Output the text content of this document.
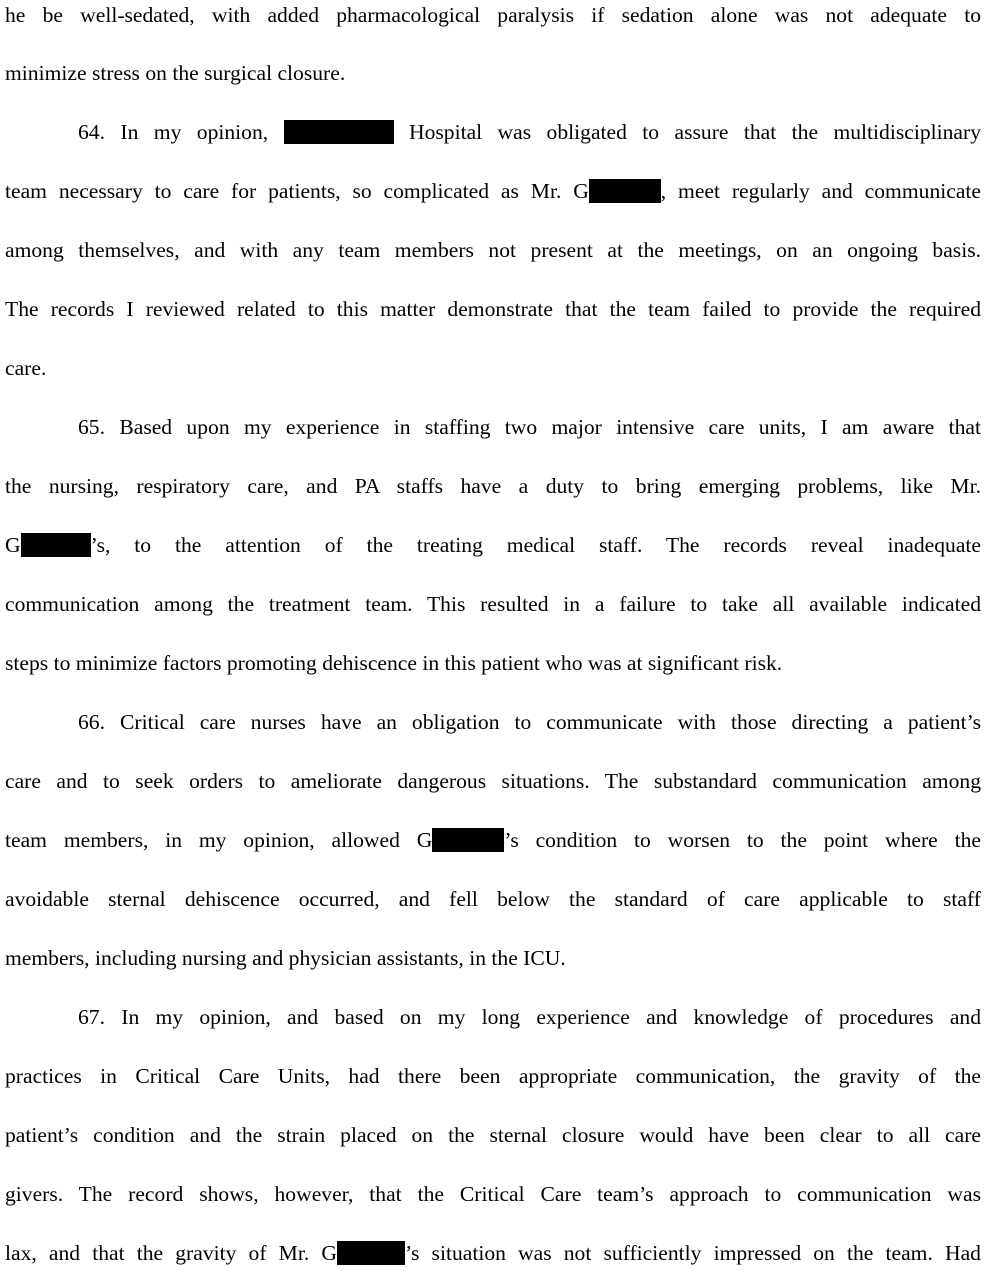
he be well-sedated, with added pharmacological paralysis if sedation alone was not adequate to
minimize stress on the surgical closure.
64. In my opinion,	Hospital was obligated to assure that the multidisciplinary
team necessary to care for patients, so complicated as Mr. G	, meet regularly and communicate
among themselves, and with any team members not present at the meetings, on an ongoing basis.
The records I reviewed related to this matter demonstrate that the team failed to provide the required
care.
65. Based upon my experience in staffing two major intensive care units, I am aware that
the nursing, respiratory care, and PA staffs have a duty to bring emerging problems, like Mr.
G	’s, to the attention of the treating medical staff. The records reveal inadequate
communication among the treatment team. This resulted in a failure to take all available indicated
steps to minimize factors promoting dehiscence in this patient who was at significant risk.
66. Critical care nurses have an obligation to communicate with those directing a patient’s
care and to seek orders to ameliorate dangerous situations. The substandard communication among
team members, in my opinion, allowed G	’s condition to worsen to the point where the
avoidable sternal dehiscence occurred, and fell below the standard of care applicable to staff
members, including nursing and physician assistants, in the ICU.
67. In my opinion, and based on my long experience and knowledge of procedures and
practices in Critical Care Units, had there been appropriate communication, the gravity of the
patient’s condition and the strain placed on the sternal closure would have been clear to all care
givers. The record shows, however, that the Critical Care team’s approach to communication was
lax, and that the gravity of Mr. G	’s situation was not sufficiently impressed on the team. Had
